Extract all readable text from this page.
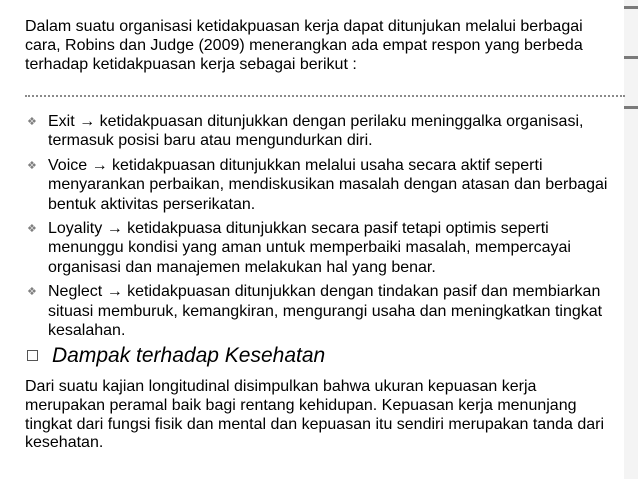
Dalam suatu organisasi ketidakpuasan kerja dapat ditunjukan melalui berbagai cara, Robins dan Judge (2009) menerangkan ada empat respon yang berbeda terhadap ketidakpuasan kerja sebagai berikut :

❖ Exit → ketidakpuasan ditunjukkan dengan perilaku meninggalka organisasi, termasuk posisi baru atau mengundurkan diri.
❖ Voice → ketidakpuasan ditunjukkan melalui usaha secara aktif seperti menyarankan perbaikan, mendiskusikan masalah dengan atasan dan berbagai bentuk aktivitas perserikatan.
❖ Loyality → ketidakpuasa ditunjukkan secara pasif tetapi optimis seperti menunggu kondisi yang aman untuk memperbaiki masalah, mempercayai organisasi dan manajemen melakukan hal yang benar.
❖ Neglect → ketidakpuasan ditunjukkan dengan tindakan pasif dan membiarkan situasi memburuk, kemangkiran, mengurangi usaha dan meningkatkan tingkat kesalahan.
Dampak terhadap Kesehatan

Dari suatu kajian longitudinal disimpulkan bahwa ukuran kepuasan kerja merupakan peramal baik bagi rentang kehidupan. Kepuasan kerja menunjang tingkat dari fungsi fisik dan mental dan kepuasan itu sendiri merupakan tanda dari kesehatan.
